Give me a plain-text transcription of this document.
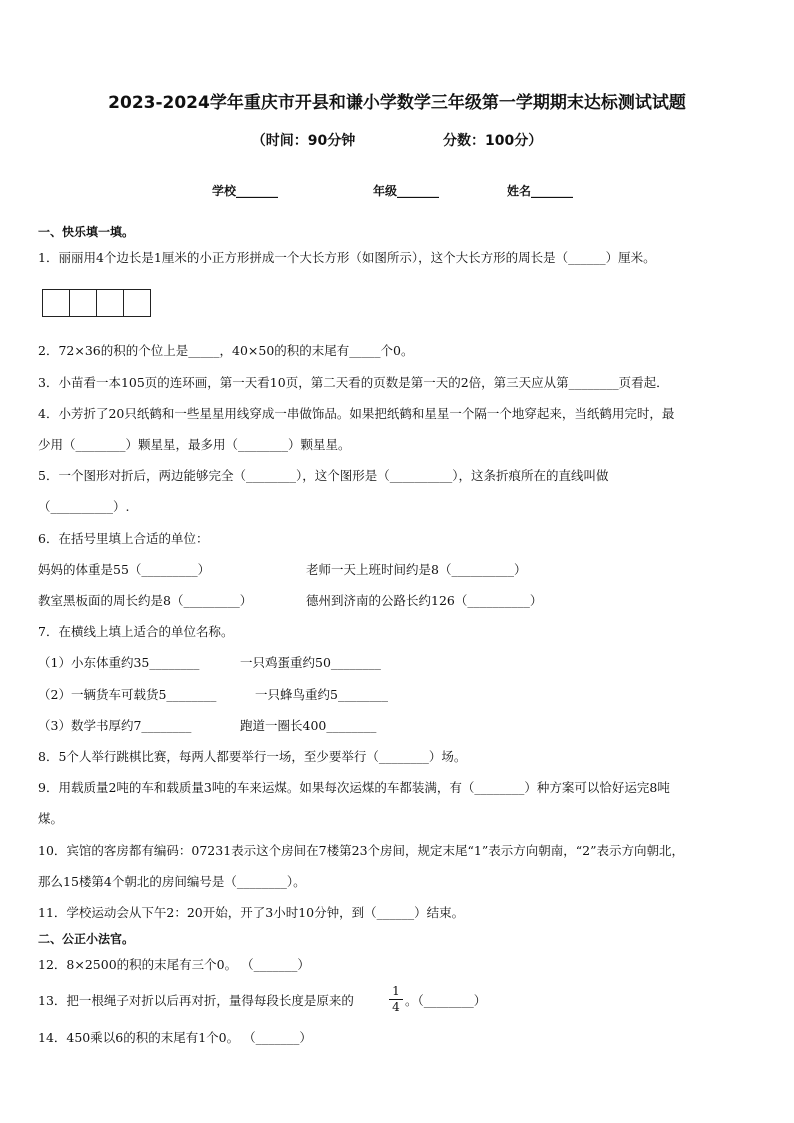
2023-2024学年重庆市开县和谦小学数学三年级第一学期期末达标测试试题
（时间：90分钟                  分数：100分）
学校_______	年级_______	姓名_______
一、快乐填一填。
1．丽丽用4个边长是1厘米的小正方形拼成一个大长方形（如图所示），这个大长方形的周长是（______）厘米。
2．72×36的积的个位上是_____，40×50的积的末尾有_____个0。
3．小苗看一本105页的连环画，第一天看10页，第二天看的页数是第一天的2倍，第三天应从第________页看起．
4．小芳折了20只纸鹤和一些星星用线穿成一串做饰品。如果把纸鹤和星星一个隔一个地穿起来，当纸鹤用完时，最
少用（________）颗星星，最多用（________）颗星星。
5．一个图形对折后，两边能够完全（________），这个图形是（__________），这条折痕所在的直线叫做
（__________）.
6．在括号里填上合适的单位：
妈妈的体重是55（_________）	老师一天上班时间约是8（__________）
教室黑板面的周长约是8（_________）	德州到济南的公路长约126（__________）
7．在横线上填上适合的单位名称。
（1）小东体重约35________	一只鸡蛋重约50________
（2）一辆货车可载货5________	一只蜂鸟重约5________
（3）数学书厚约7________	跑道一圈长400________
8．5个人举行跳棋比赛，每两人都要举行一场，至少要举行（________）场。
9．用载质量2吨的车和载质量3吨的车来运煤。如果每次运煤的车都装满，有（________）种方案可以恰好运完8吨
煤。
10．宾馆的客房都有编码：07231表示这个房间在7楼第23个房间，规定末尾“1”表示方向朝南，“2”表示方向朝北，
那么15楼第4个朝北的房间编号是（________）。
11．学校运动会从下午2：20开始，开了3小时10分钟，到（______）结束。
二、公正小法官。
12．8×2500的积的末尾有三个0。 （_______）
13．把一根绳子对折以后再对折，量得每段长度是原来的	$\frac{1}{4}$ 。（________）
14．450乘以6的积的末尾有1个0。 （_______）
